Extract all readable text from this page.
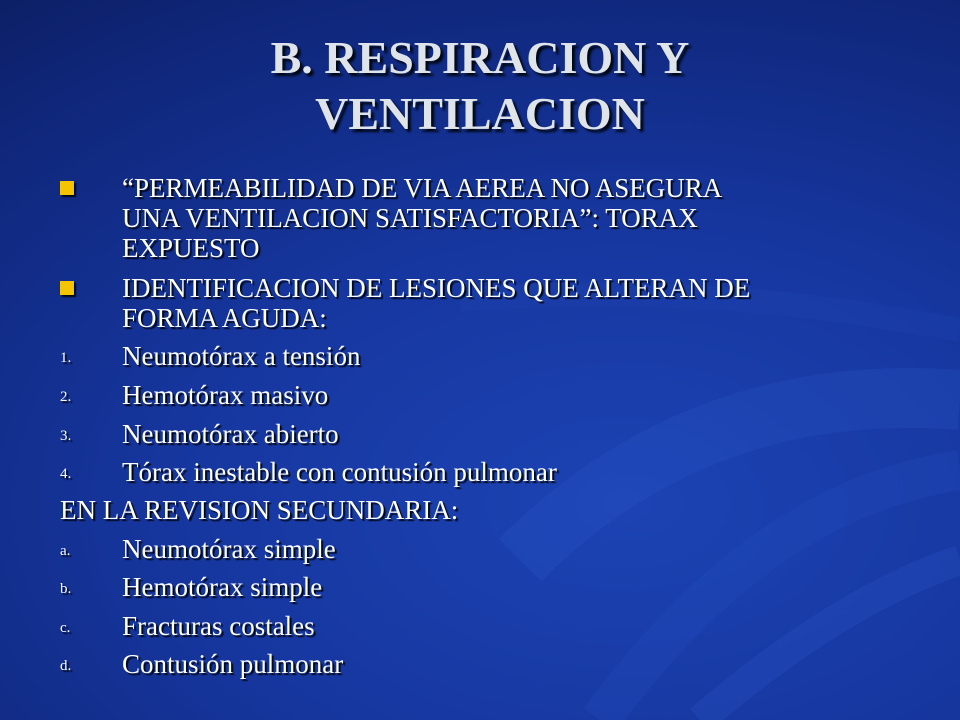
B. RESPIRACION Y
VENTILACION
“PERMEABILIDAD DE VIA AEREA NO ASEGURA
UNA VENTILACION SATISFACTORIA”: TORAX
EXPUESTO
IDENTIFICACION DE LESIONES QUE ALTERAN DE
FORMA AGUDA:
1. Neumotórax a tensión
2. Hemotórax masivo
3. Neumotórax abierto
4. Tórax inestable con contusión pulmonar
EN LA REVISION SECUNDARIA:
a. Neumotórax simple
b. Hemotórax simple
c. Fracturas costales
d. Contusión pulmonar
